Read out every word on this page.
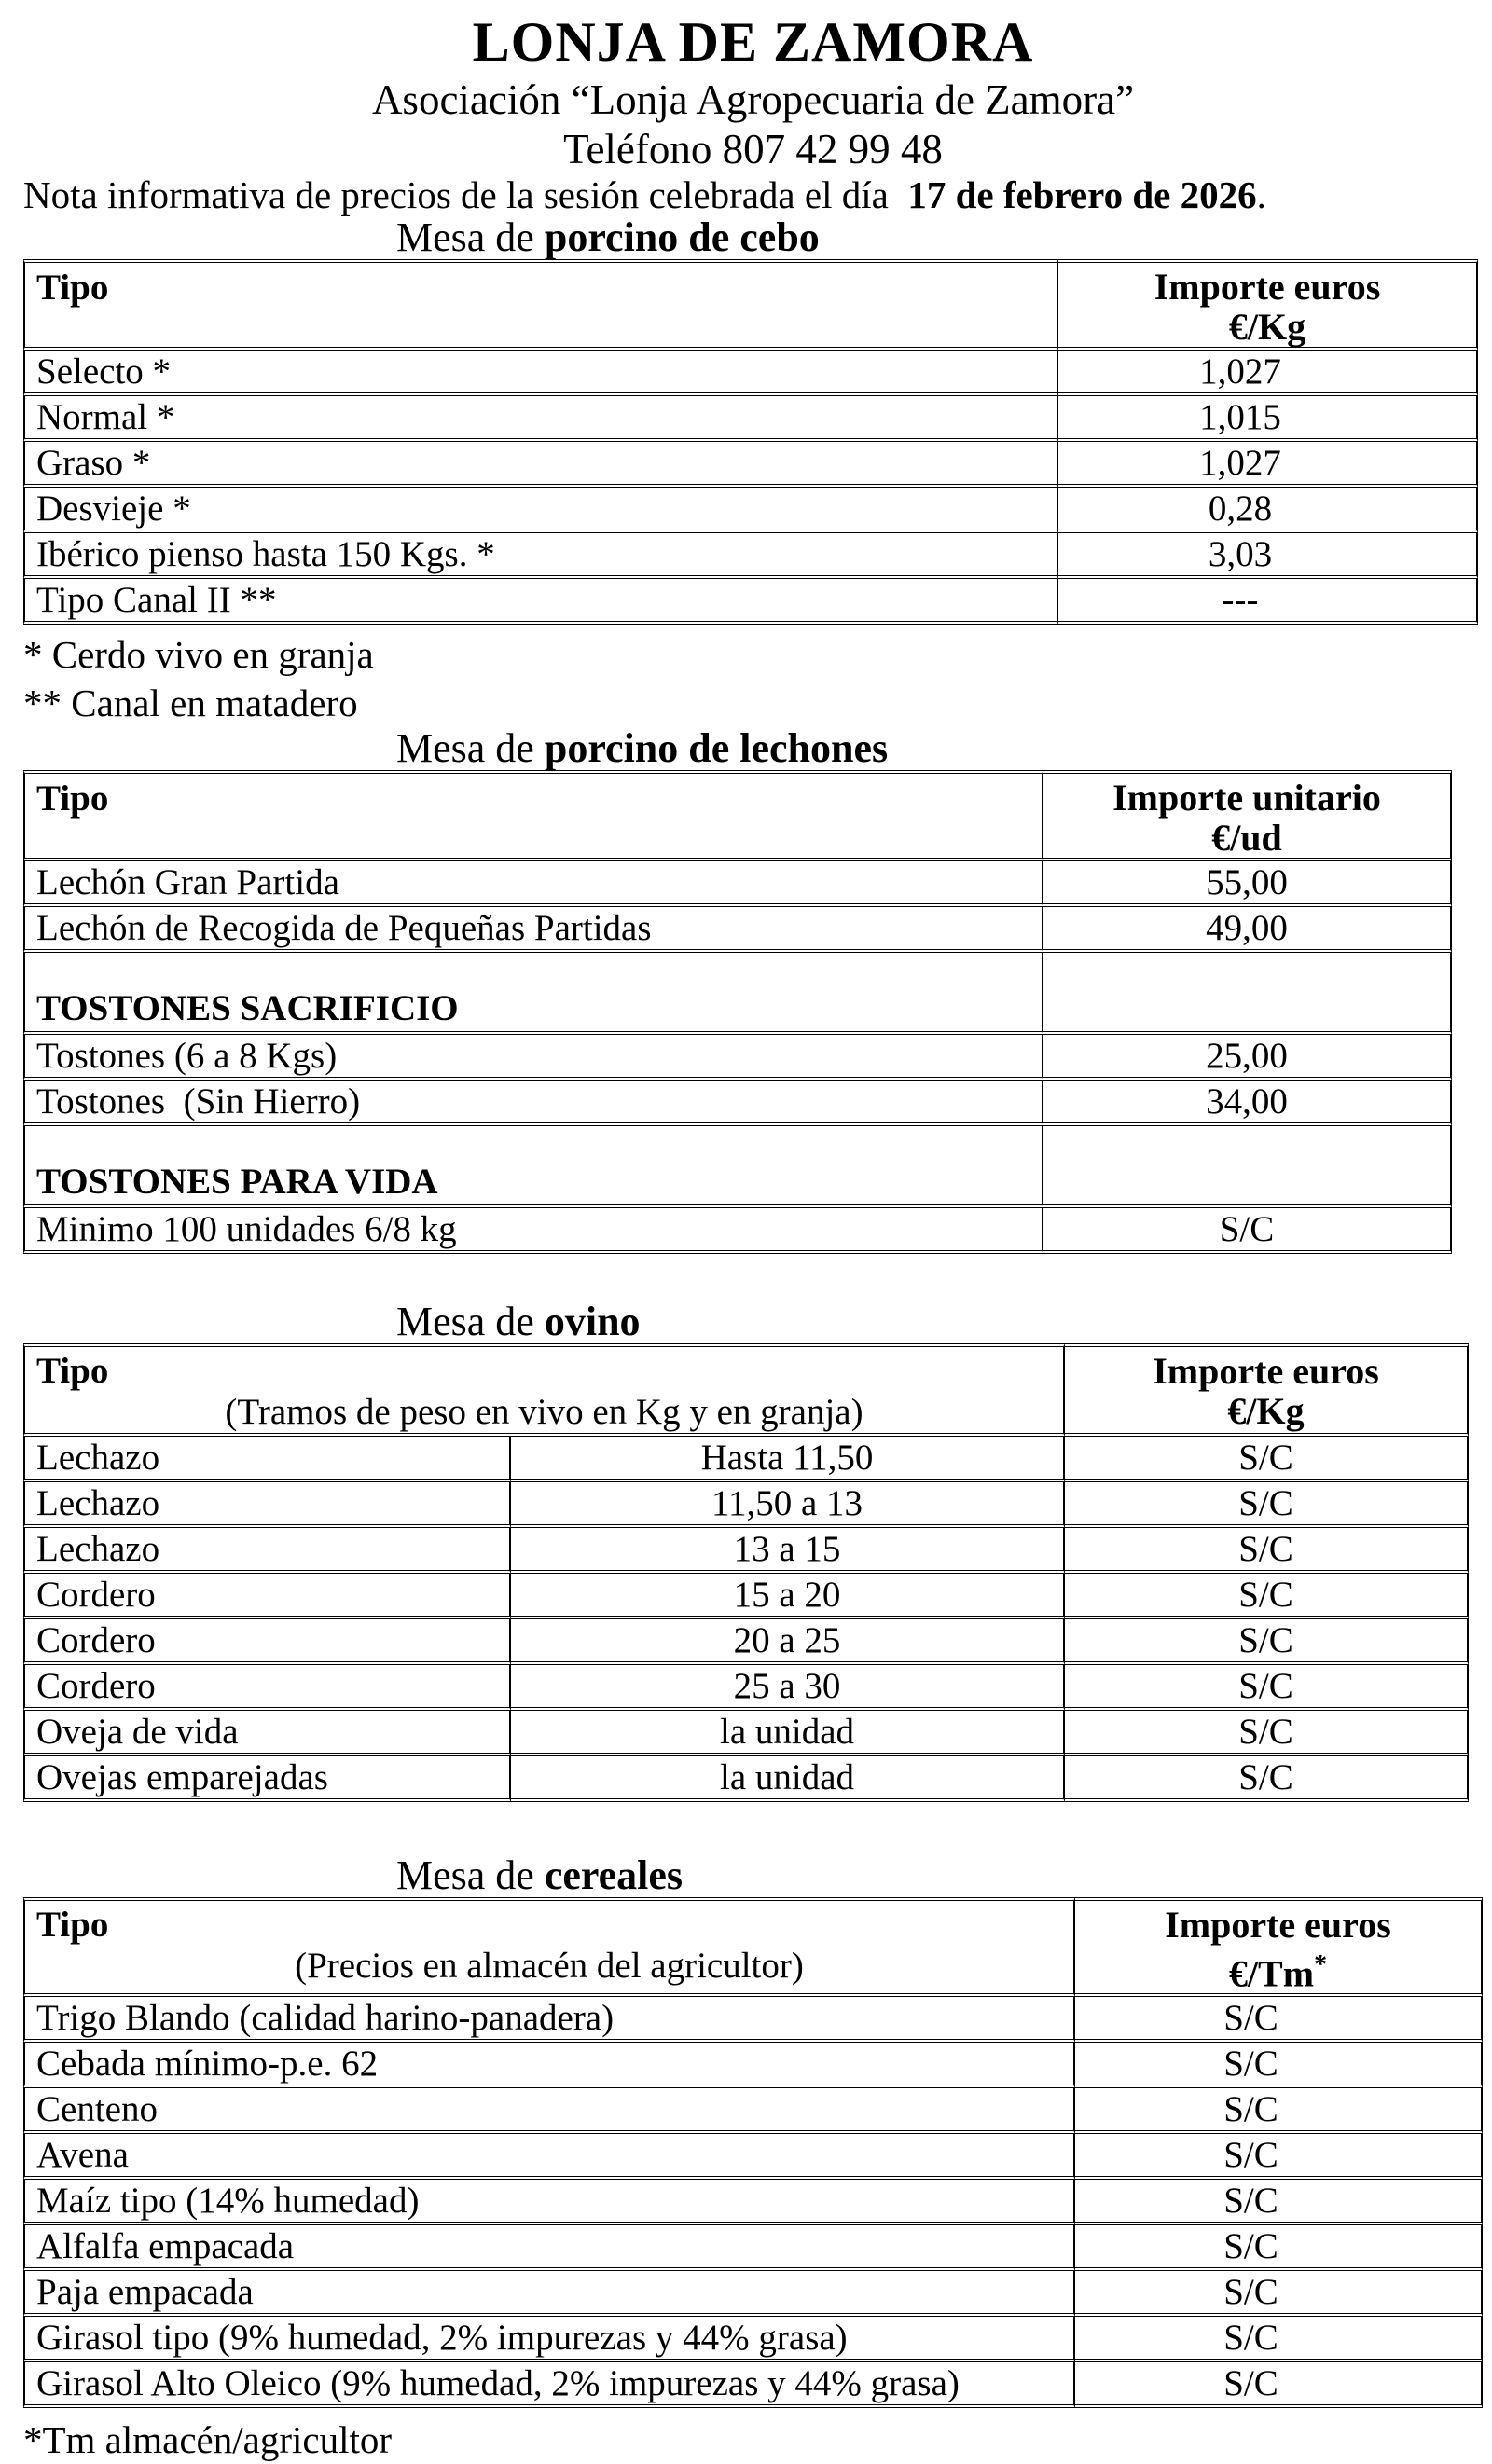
LONJA DE ZAMORA
Asociación “Lonja Agropecuaria de Zamora”
Teléfono 807 42 99 48
Nota informativa de precios de la sesión celebrada el día  17 de febrero de 2026.
Mesa de porcino de cebo
Tipo	Importe euros
€/Kg

Selecto *	1,027
Normal *	1,015
Graso *	1,027
Desvieje *	0,28
Ibérico pienso hasta 150 Kgs. *	3,03
Tipo Canal II **	---
* Cerdo vivo en granja
** Canal en matadero
Mesa de porcino de lechones
Tipo	Importe unitario
€/ud

Lechón Gran Partida	55,00
Lechón de Recogida de Pequeñas Partidas	49,00
TOSTONES SACRIFICIO	
Tostones (6 a 8 Kgs)	25,00
Tostones  (Sin Hierro)	34,00
TOSTONES PARA VIDA	
Minimo 100 unidades 6/8 kg	S/C
Mesa de ovino
Tipo
(Tramos de peso en vivo en Kg y en granja)

Importe euros
€/Kg

Lechazo	Hasta 11,50	S/C
Lechazo	11,50 a 13	S/C
Lechazo	13 a 15	S/C
Cordero	15 a 20	S/C
Cordero	20 a 25	S/C
Cordero	25 a 30	S/C
Oveja de vida	la unidad	S/C
Ovejas emparejadas	la unidad	S/C
Mesa de cereales
Tipo
(Precios en almacén del agricultor)

Importe euros
€/Tm*

Trigo Blando (calidad harino-panadera)	S/C
Cebada mínimo-p.e. 62	S/C
Centeno	S/C
Avena	S/C
Maíz tipo (14% humedad)	S/C
Alfalfa empacada	S/C
Paja empacada	S/C
Girasol tipo (9% humedad, 2% impurezas y 44% grasa)	S/C
Girasol Alto Oleico (9% humedad, 2% impurezas y 44% grasa)	S/C
*Tm almacén/agricultor
